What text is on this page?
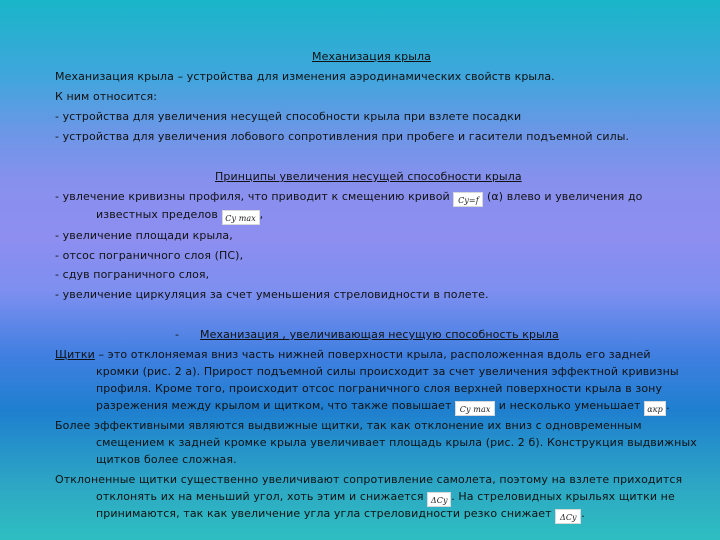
Механизация крыла
Механизация крыла – устройства для изменения аэродинамических свойств крыла.
К ним относится:
- устройства для увеличения несущей способности крыла при взлете посадки
- устройства для увеличения лобового сопротивления при пробеге и гасители подъемной силы.
Принципы увеличения несущей способности крыла
- увлечение кривизны профиля, что приводит к смещению кривой Cy=f (α) влево и увеличения до
известных пределов Cy max ,
- увеличение площади крыла,
- отсос пограничного слоя (ПС),
- сдув пограничного слоя,
- увеличение циркуляция за счет уменьшения стреловидности в полете.
- Механизация , увеличивающая несущую способность крыла
Щитки – это отклоняемая вниз часть нижней поверхности крыла, расположенная вдоль его задней
кромки (рис. 2 а). Прирост подъемной силы происходит за счет увеличения эффектной кривизны
профиля. Кроме того, происходит отсос пограничного слоя верхней поверхности крыла в зону
разрежения между крылом и щитком, что также повышает Cy max и несколько уменьшает αкр .
Более эффективными являются выдвижные щитки, так как отклонение их вниз с одновременным
смещением к задней кромке крыла увеличивает площадь крыла (рис. 2 б). Конструкция выдвижных
щитков более сложная.
Отклоненные щитки существенно увеличивают сопротивление самолета, поэтому на взлете приходится
отклонять их на меньший угол, хоть этим и снижается ΔCy . На стреловидных крыльях щитки не
принимаются, так как увеличение угла угла стреловидности резко снижает ΔCy .
